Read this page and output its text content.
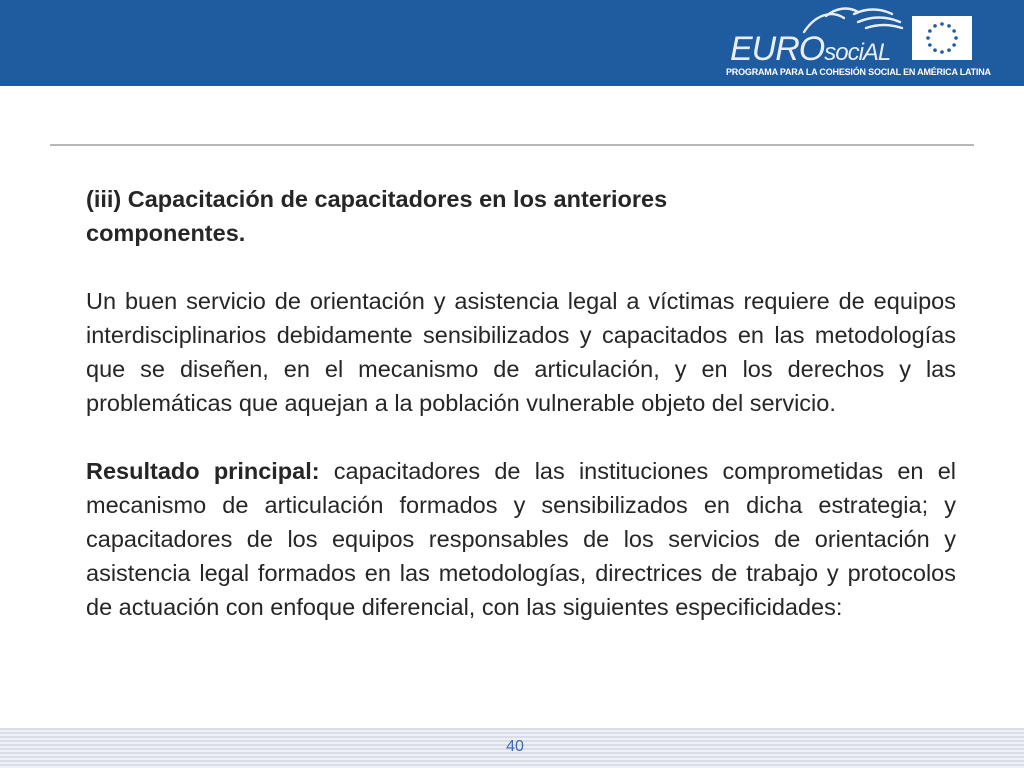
EUROsociAL
PROGRAMA PARA LA COHESIÓN SOCIAL EN AMÉRICA LATINA

(iii) Capacitación de capacitadores en los anteriores
componentes.

Un buen servicio de orientación y asistencia legal a víctimas requiere de equipos interdisciplinarios debidamente sensibilizados y capacitados en las metodologías que se diseñen, en el mecanismo de articulación, y en los derechos y las problemáticas que aquejan a la población vulnerable objeto del servicio.

Resultado principal: capacitadores de las instituciones comprometidas en el mecanismo de articulación formados y sensibilizados en dicha estrategia; y capacitadores de los equipos responsables de los servicios de orientación y asistencia legal formados en las metodologías, directrices de trabajo y protocolos de actuación con enfoque diferencial, con las siguientes especificidades:

40
